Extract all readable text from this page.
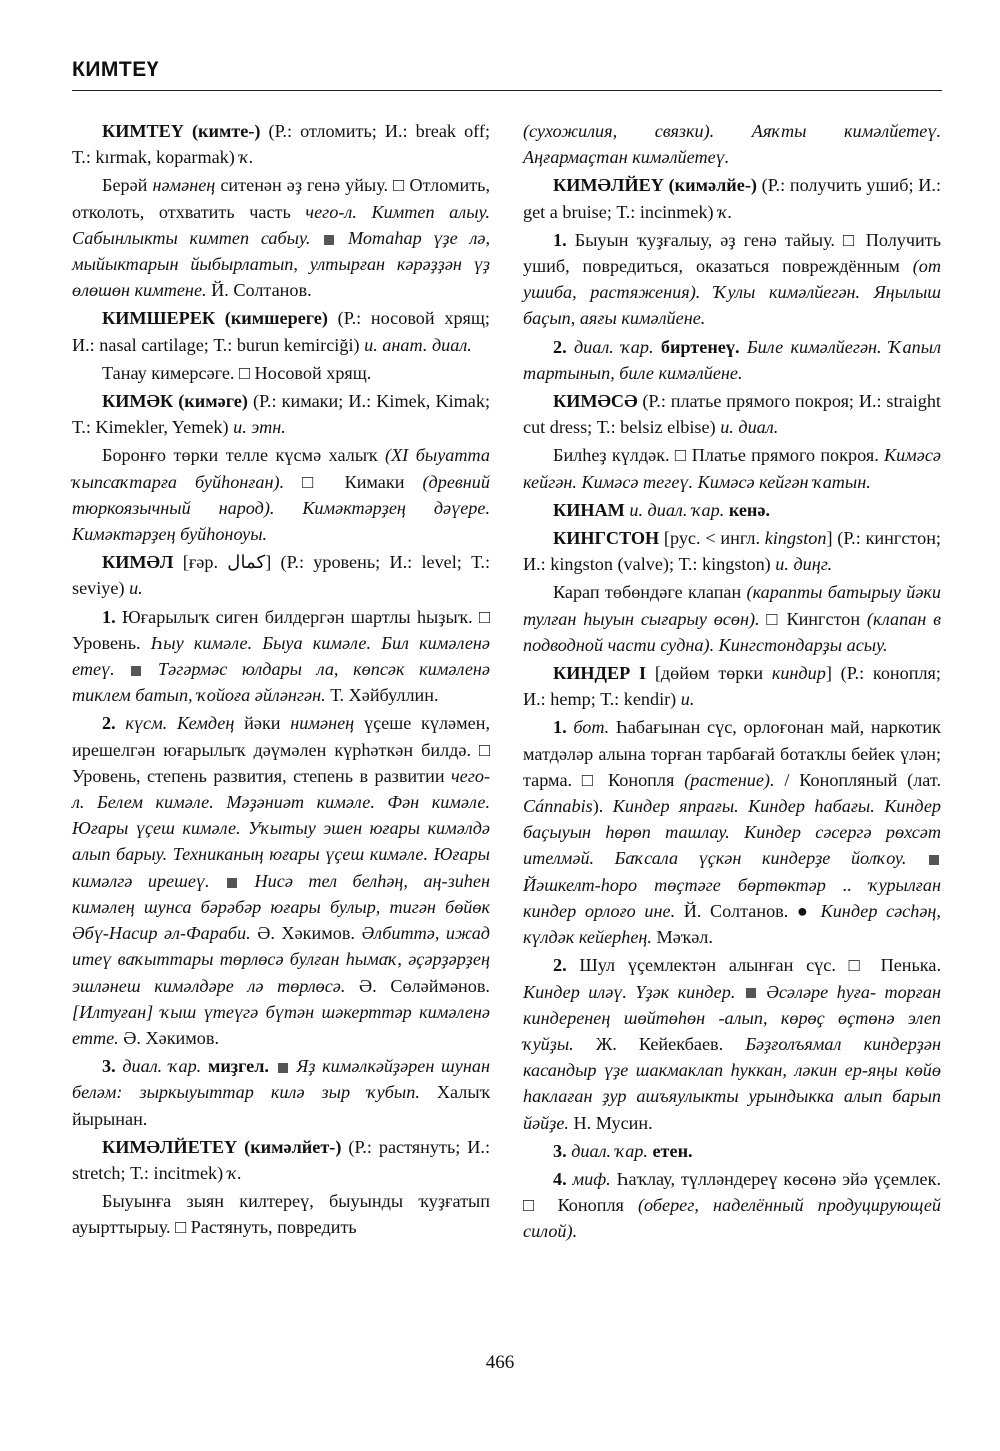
КИМТЕҮ

КИМТЕҮ (кимте-) (Р.: отломить; И.: break off; Т.: kırmak, koparmak) ҡ.

Берәй нәмәнең ситенән әҙ генә уйыу. □ Отломить, отколоть, отхватить часть чего-л. Кимтеп алыу. Сабынлыкты кимтеп сабыу.  Мотаһар үҙе лә, мыйыктарын йыбырлатып, ултырған кәрәҙҙән үҙ өлөшөн кимтене. Й. Солтанов.

КИМШЕРЕК (кимшереге) (Р.: носовой хрящ; И.: nasal cartilage; Т.: burun kemirciği) и. анат. диал.

Танау кимерсәге. □ Носовой хрящ.

КИМӘК (кимәге) (Р.: кимаки; И.: Kimek, Kimak; Т.: Kimekler, Yemek) и. этн.

Боронғо төрки телле күсмә халыҡ (XI быуатта ҡыпсаҡтарға буйһонған). □ Кимаки (древний тюркоязычный народ). Кимәктәрҙең дәүере. Кимәктәрҙең буйһоноуы.

КИМӘЛ [ғәр. كمال] (Р.: уровень; И.: level; Т.: seviye) и.

1. Юғарылыҡ сиген билдергән шартлы һыҙыҡ. □ Уровень. Һыу кимәле. Быуа кимәле. Бил кимәленә етеү.  Тәгәрмәс юлдары ла, көпсәк кимәленә тиклем батып, ҡойоға әйләнгән. Т. Хәйбуллин.

2. күсм. Кемдең йәки нимәнең үҫеше күләмен, ирешелгән юғарылыҡ дәүмәлен күрһәткән билдә. □ Уровень, степень развития, степень в развитии чего-л. Белем кимәле. Мәҙәниәт кимәле. Фән кимәле. Юғары үҫеш кимәле. Уҡытыу эшен юғары кимәлдә алып барыу. Техниканың юғары үҫеш кимәле. Юғары кимәлгә ирешеү.  Нисә тел белһәң, аң-зиһен кимәлең шунса бәрәбәр юғары булыр, тигән бөйөк Әбү-Насир әл-Фараби. Ә. Хәкимов. Әлбиттә, ижад итеү ваҡыттары төрлөсә булған һымаҡ, әҫәрҙәрҙең эшләнеш кимәлдәре лә төрлөсә. Ә. Сөләймәнов. [Илтуған] ҡыш үтеүгә бүтән шәкерттәр кимәленә етте. Ә. Хәкимов.

3. диал. ҡар. миҙгел.  Яҙ кимәлкәйҙәрен шунан беләм: зыркыуыттар килә зыр ҡубып. Халыҡ йырынан.

КИМӘЛЙЕТЕҮ (кимәлйет-) (Р.: растянуть; И.: stretch; Т.: incitmek) ҡ.

Быуынға зыян килтереү, быуынды ҡуҙғатып ауырттырыу. □ Растянуть, повредить

(сухожилия, связки). Аяҡты кимәлйетеү. Аңғармаҫтан кимәлйетеү.

КИМӘЛЙЕҮ (кимәлйе-) (Р.: получить ушиб; И.: get a bruise; Т.: incinmek) ҡ.

1. Быуын ҡуҙғалыу, әҙ генә тайыу. □ Получить ушиб, повредиться, оказаться повреждённым (от ушиба, растяжения). Ҡулы кимәлйегән. Яңылыш баҫып, аяғы кимәлйене.

2. диал. ҡар. биртенеү. Биле кимәлйегән. Ҡапыл тартынып, биле кимәлйене.

КИМӘСӘ (Р.: платье прямого покроя; И.: straight cut dress; Т.: belsiz elbise) и. диал.

Билһеҙ күлдәк. □ Платье прямого покроя. Кимәсә кейгән. Кимәсә тегеү. Кимәсә кейгән ҡатын.

КИНАМ и. диал. ҡар. кенә.

КИНГСТОН [рус. < ингл. kingston] (Р.: кингстон; И.: kingston (valve); Т.: kingston) и. диңг.

Карап төбөндәге клапан (карапты батырыу йәки тулған һыуын сығарыу өсөн). □ Кингстон (клапан в подводной части судна). Кингстондарҙы асыу.

КИНДЕР I [дөйөм төрки киндир] (Р.: конопля; И.: hemp; Т.: kendir) и.

1. бот. Һабағынан сүс, орлоғонан май, наркотик матдәләр алына торған тарбағай ботаҡлы бейек үлән; тарма. □ Конопля (растение). / Конопляный (лат. Cánnabis). Киндер япрағы. Киндер һабағы. Киндер баҫыуын һөрөп ташлау. Киндер сәсергә рөхсәт ителмәй. Баҡсала үҫкән киндерҙе йолҡоу.  Йәшкелт-һоро төҫтәге бөртөктәр .. ҡурылған киндер орлоғо ине. Й. Солтанов. ● Киндер сәсһәң, күлдәк кейерһең. Мәҡәл.

2. Шул үҫемлектән алынған сүс. □ Пенька. Киндер иләү. Үҙәк киндер.  Әсәләре һуға- торған киндеренең шөйтөһөн -алып, көрөҫ өҫтөнә элеп ҡуйҙы. Ж. Кейекбаев. Бәҙғолъямал киндерҙән касандыр үҙе шакмаклап һуккан, ләкин ер-яңы көйө һаклаған ҙур ашъяулыкты урындыкка алып барып йәйҙе. Н. Мусин.

3. диал. ҡар. етен.

4. миф. Һаҡлау, түлләндереү көсөнә эйә үҫемлек. □ Конопля (оберег, наделённый продуцирующей силой).

466
